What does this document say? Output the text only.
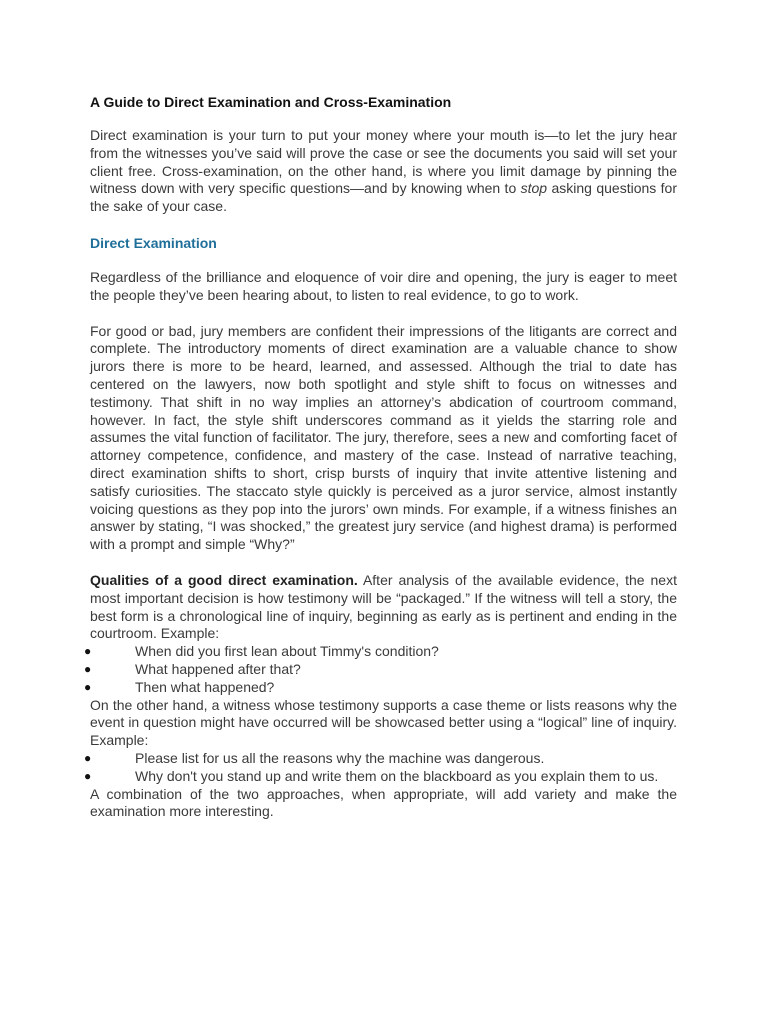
A Guide to Direct Examination and Cross-Examination

Direct examination is your turn to put your money where your mouth is—to let the jury hear from the witnesses you’ve said will prove the case or see the documents you said will set your client free. Cross-examination, on the other hand, is where you limit damage by pinning the witness down with very specific questions—and by knowing when to stop asking questions for the sake of your case.

Direct Examination

Regardless of the brilliance and eloquence of voir dire and opening, the jury is eager to meet the people they’ve been hearing about, to listen to real evidence, to go to work.

For good or bad, jury members are confident their impressions of the litigants are correct and complete. The introductory moments of direct examination are a valuable chance to show jurors there is more to be heard, learned, and assessed. Although the trial to date has centered on the lawyers, now both spotlight and style shift to focus on witnesses and testimony. That shift in no way implies an attorney’s abdication of courtroom command, however. In fact, the style shift underscores command as it yields the starring role and assumes the vital function of facilitator. The jury, therefore, sees a new and comforting facet of attorney competence, confidence, and mastery of the case. Instead of narrative teaching, direct examination shifts to short, crisp bursts of inquiry that invite attentive listening and satisfy curiosities. The staccato style quickly is perceived as a juror service, almost instantly voicing questions as they pop into the jurors’ own minds. For example, if a witness finishes an answer by stating, “I was shocked,” the greatest jury service (and highest drama) is performed with a prompt and simple “Why?”

Qualities of a good direct examination. After analysis of the available evidence, the next most important decision is how testimony will be “packaged.” If the witness will tell a story, the best form is a chronological line of inquiry, beginning as early as is pertinent and ending in the courtroom. Example:

●	When did you first lean about Timmy's condition?
●	What happened after that?
●	Then what happened?

On the other hand, a witness whose testimony supports a case theme or lists reasons why the event in question might have occurred will be showcased better using a “logical” line of inquiry. Example:

●	Please list for us all the reasons why the machine was dangerous.
●	Why don't you stand up and write them on the blackboard as you explain them to us.

A combination of the two approaches, when appropriate, will add variety and make the examination more interesting.
